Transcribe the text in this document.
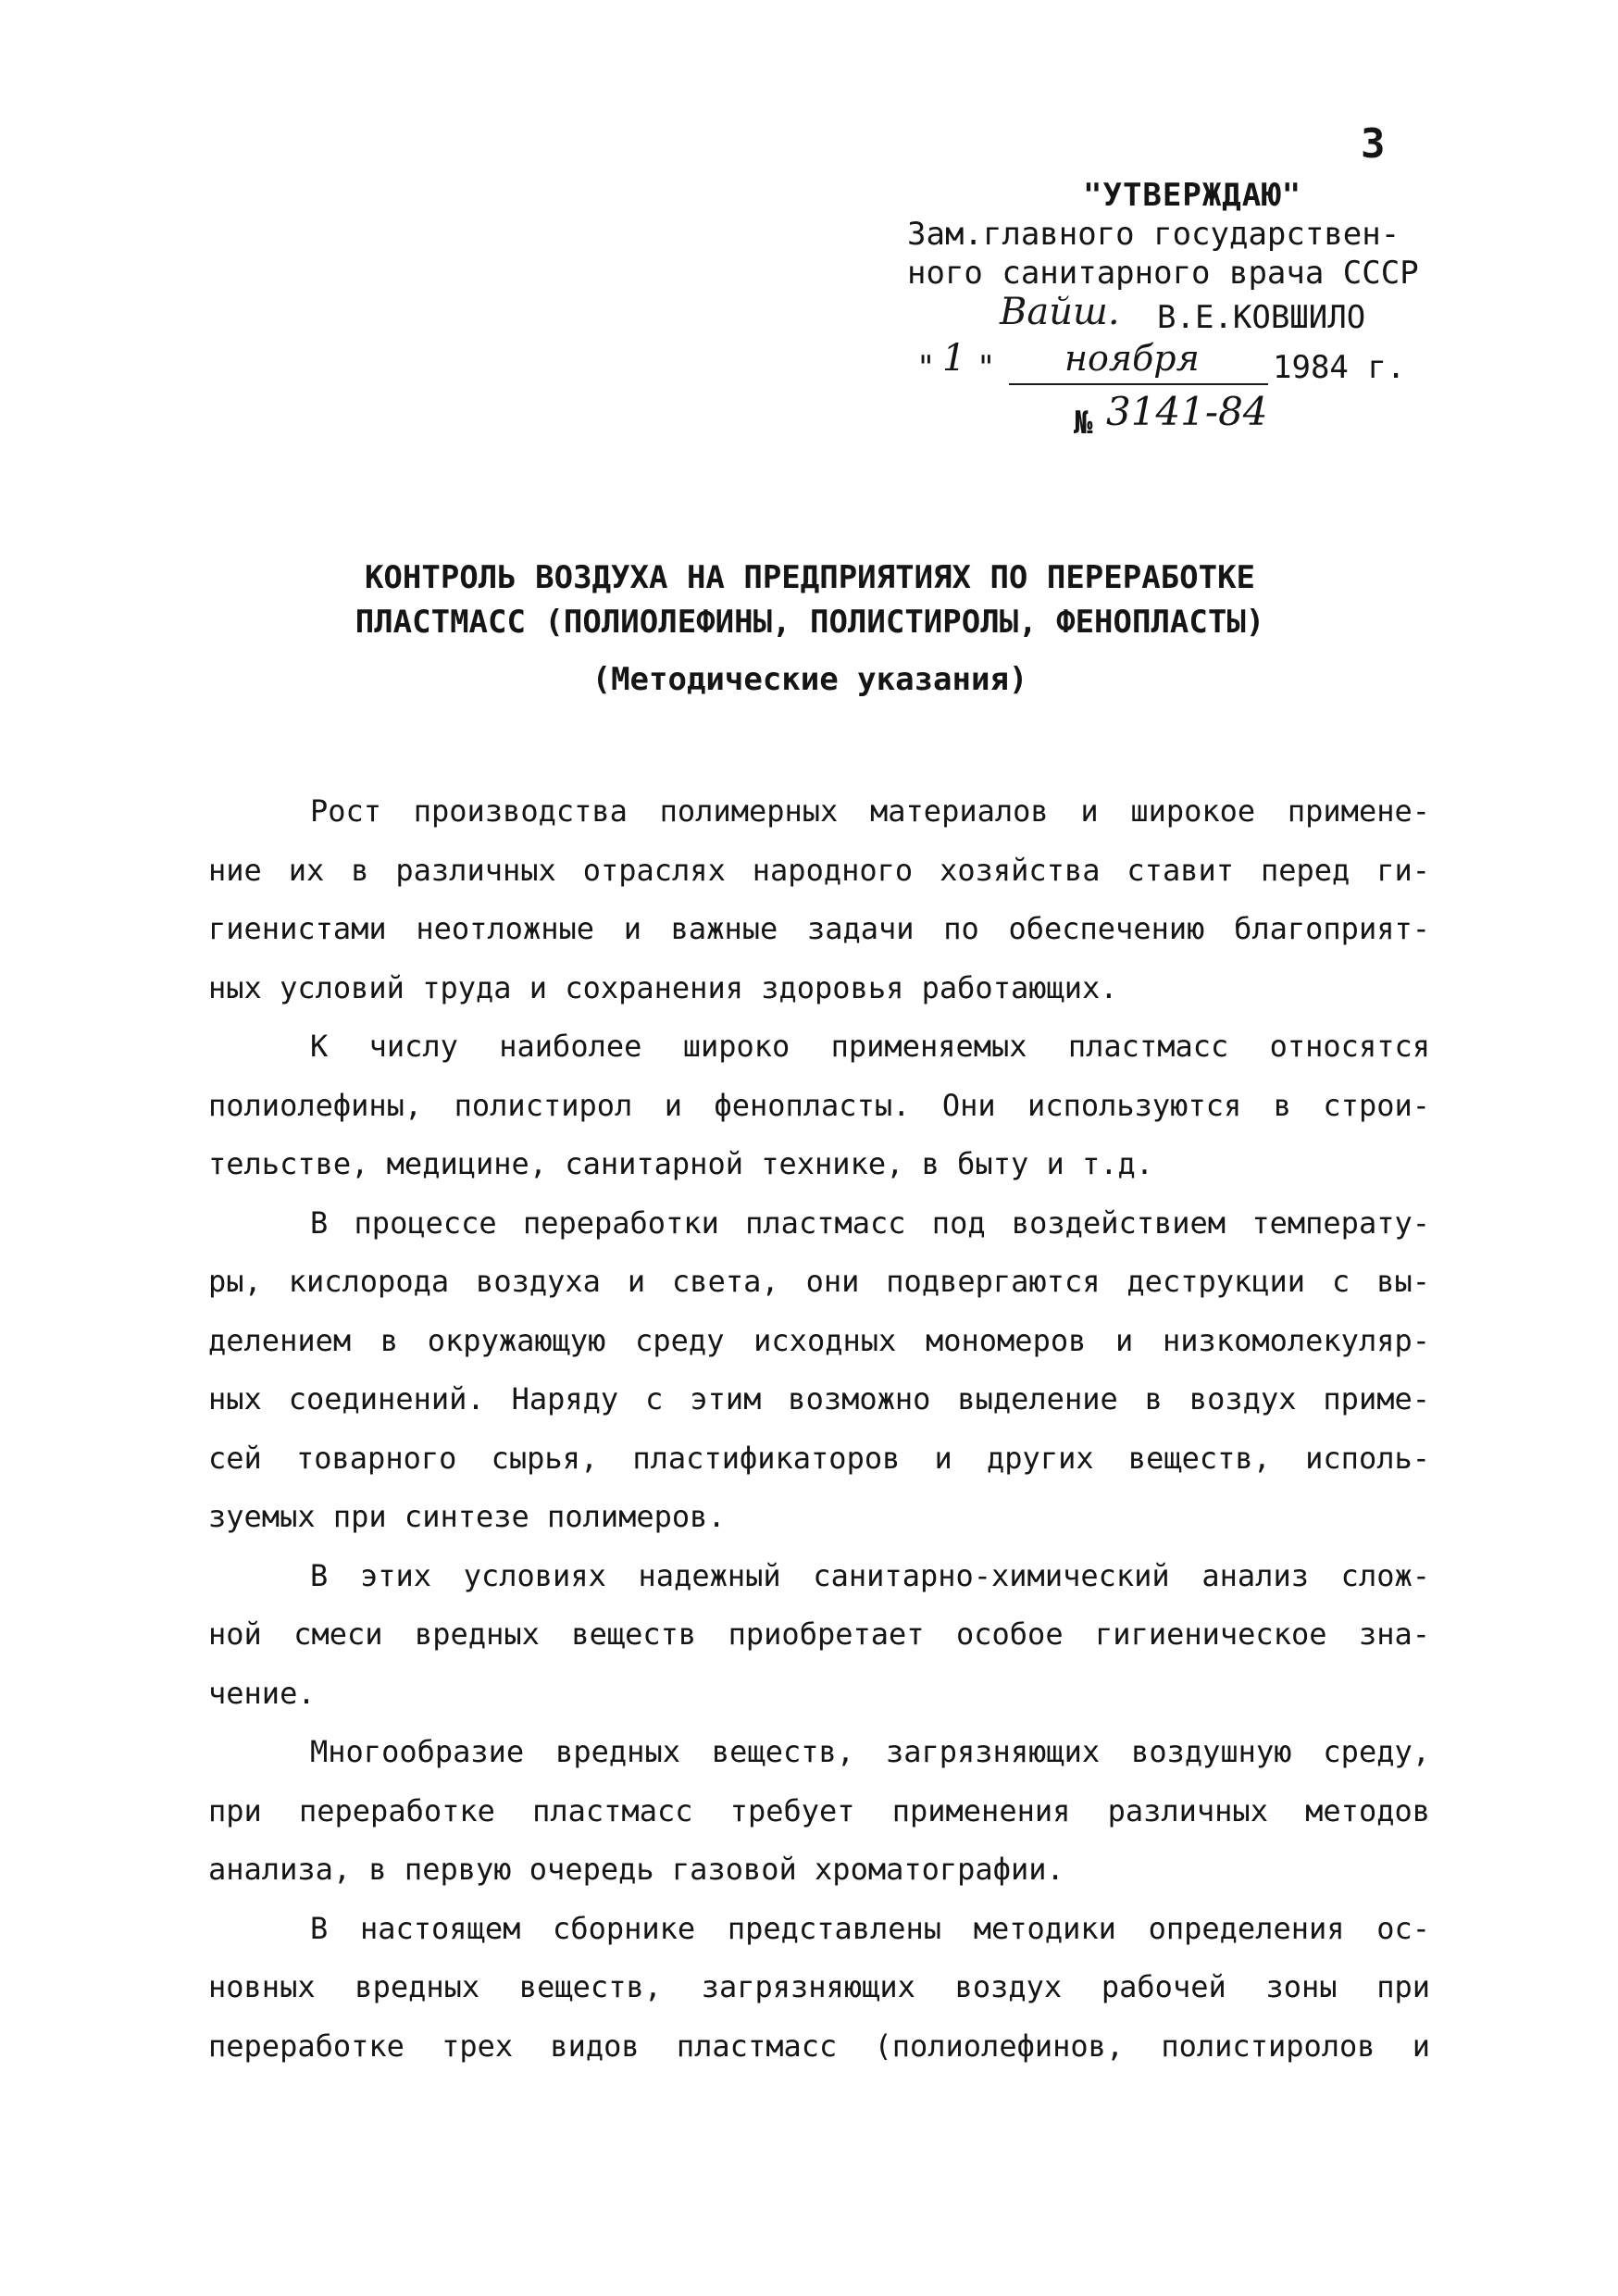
3
"УТВЕРЖДАЮ"
Зам.главного государствен-
ного санитарного врача СССР
Вайш. В.Е.КОВШИЛО
" 1 "	ноября	1984 г.
№ 3141-84
КОНТРОЛЬ ВОЗДУХА НА ПРЕДПРИЯТИЯХ ПО ПЕРЕРАБОТКЕ
ПЛАСТМАСС (ПОЛИОЛЕФИНЫ, ПОЛИСТИРОЛЫ, ФЕНОПЛАСТЫ)
(Методические указания)
Рост производства полимерных материалов и широкое примене-
ние их в различных отраслях народного хозяйства ставит перед ги-
гиенистами неотложные и важные задачи по обеспечению благоприят-
ных условий труда и сохранения здоровья работающих.
К числу наиболее широко применяемых пластмасс относятся
полиолефины, полистирол и фенопласты. Они используются в строи-
тельстве, медицине, санитарной технике, в быту и т.д.
В процессе переработки пластмасс под воздействием температу-
ры, кислорода воздуха и света, они подвергаются деструкции с вы-
делением в окружающую среду исходных мономеров и низкомолекуляр-
ных соединений. Наряду с этим возможно выделение в воздух приме-
сей товарного сырья, пластификаторов и других веществ, исполь-
зуемых при синтезе полимеров.
В этих условиях надежный санитарно-химический анализ слож-
ной смеси вредных веществ приобретает особое гигиеническое зна-
чение.
Многообразие вредных веществ, загрязняющих воздушную среду,
при переработке пластмасс требует применения различных методов
анализа, в первую очередь газовой хроматографии.
В настоящем сборнике представлены методики определения ос-
новных вредных веществ, загрязняющих воздух рабочей зоны при
переработке трех видов пластмасс (полиолефинов, полистиролов и
